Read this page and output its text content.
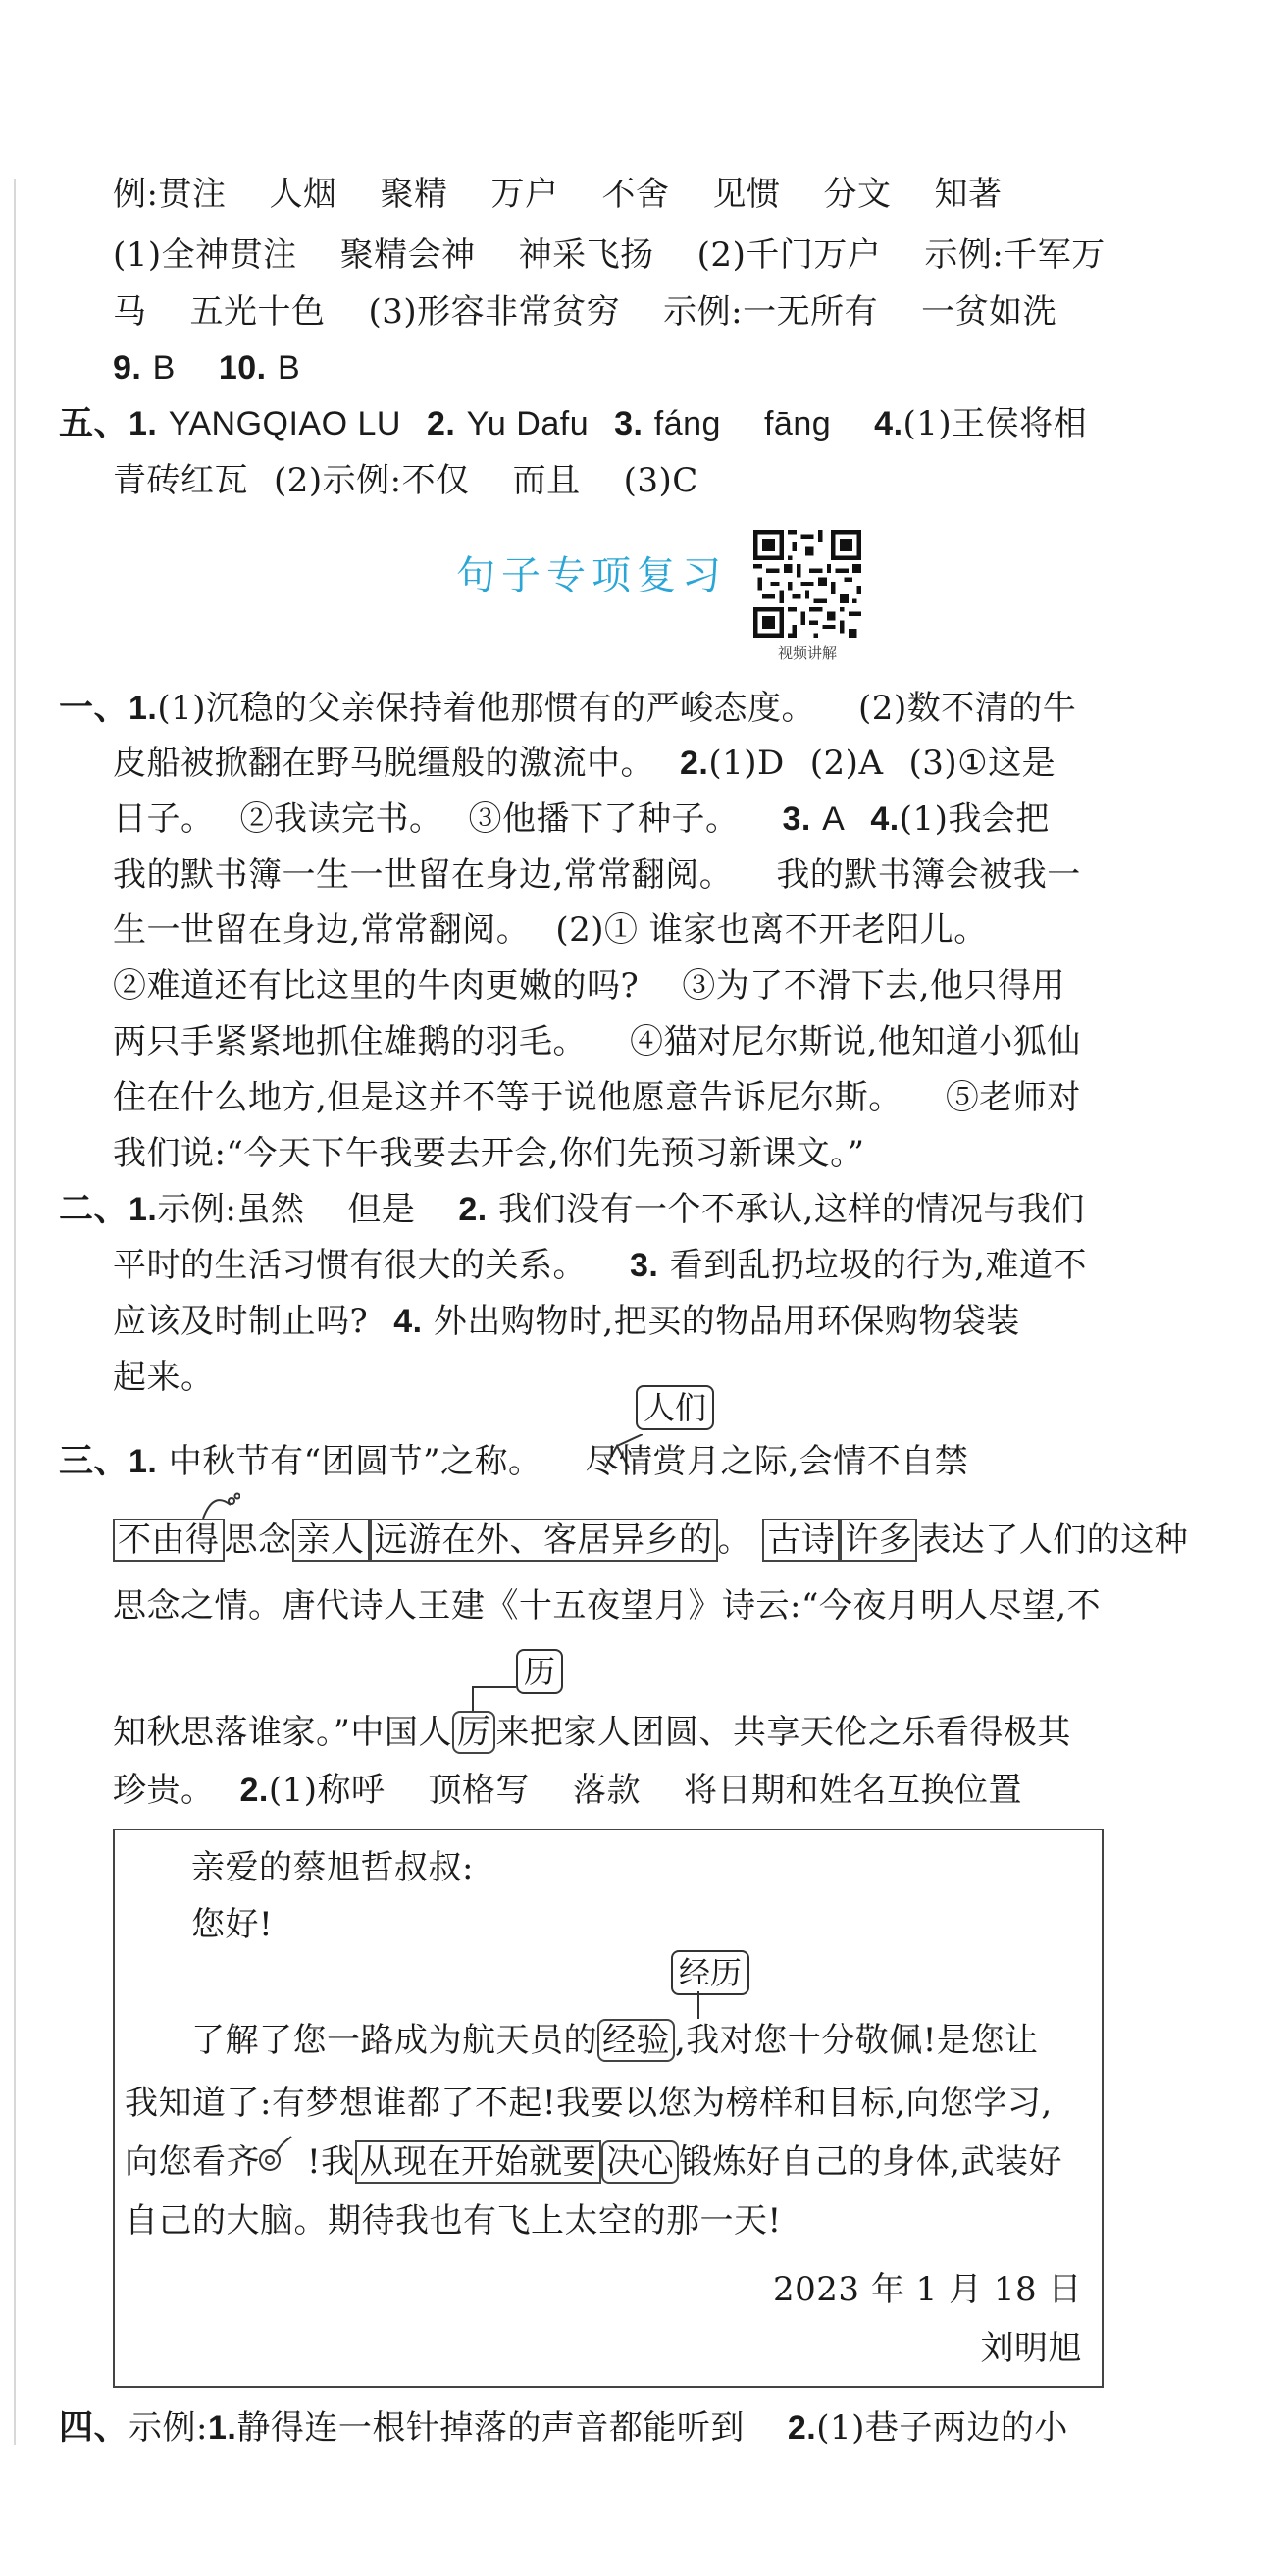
例:贯注 人烟 聚精 万户 不舍 见惯 分文 知著
(1)全神贯注 聚精会神 神采飞扬 (2)千门万户 示例:千军万
马 五光十色 (3)形容非常贫穷 示例:一无所有 一贫如洗
9. B 10. B
五、1. YANGQIAO LU 2. Yu Dafu 3. fáng fāng 4.(1)王侯将相
青砖红瓦 (2)示例:不仅 而且 (3)C
句子专项复习
视频讲解
一、1.(1)沉稳的父亲保持着他那惯有的严峻态度。 (2)数不清的牛
皮船被掀翻在野马脱缰般的激流中。 2.(1)D (2)A (3)①这是
日子。 ②我读完书。 ③他播下了种子。 3. A 4.(1)我会把
我的默书簿一生一世留在身边,常常翻阅。 我的默书簿会被我一
生一世留在身边,常常翻阅。 (2)① 谁家也离不开老阳儿。
②难道还有比这里的牛肉更嫩的吗? ③为了不滑下去,他只得用
两只手紧紧地抓住雄鹅的羽毛。 ④猫对尼尔斯说,他知道小狐仙
住在什么地方,但是这并不等于说他愿意告诉尼尔斯。 ⑤老师对
我们说:“今天下午我要去开会,你们先预习新课文。”
二、1.示例:虽然 但是 2. 我们没有一个不承认,这样的情况与我们
平时的生活习惯有很大的关系。 3. 看到乱扔垃圾的行为,难道不
应该及时制止吗? 4. 外出购物时,把买的物品用环保购物袋装
起来。
人们
三、1. 中秋节有“团圆节”之称。 尽情赏月之际,会情不自禁
不由得 思念 亲人 远游在外、客居异乡的 。 古诗 许多 表达了人们的这种
思念之情。唐代诗人王建《十五夜望月》诗云:“今夜月明人尽望,不
历
知秋思落谁家。”中国人 厉 来把家人团圆、共享天伦之乐看得极其
珍贵。 2.(1)称呼 顶格写 落款 将日期和姓名互换位置
亲爱的蔡旭哲叔叔:
您好!
经历
了解了您一路成为航天员的 经验 ,我对您十分敬佩!是您让
我知道了:有梦想谁都了不起!我要以您为榜样和目标,向您学习,
向您看齐 !我 从现在开始就要 决心 锻炼好自己的身体,武装好
自己的大脑。期待我也有飞上太空的那一天!
2023 年 1 月 18 日
刘明旭
四、示例:1.静得连一根针掉落的声音都能听到 2.(1)巷子两边的小
